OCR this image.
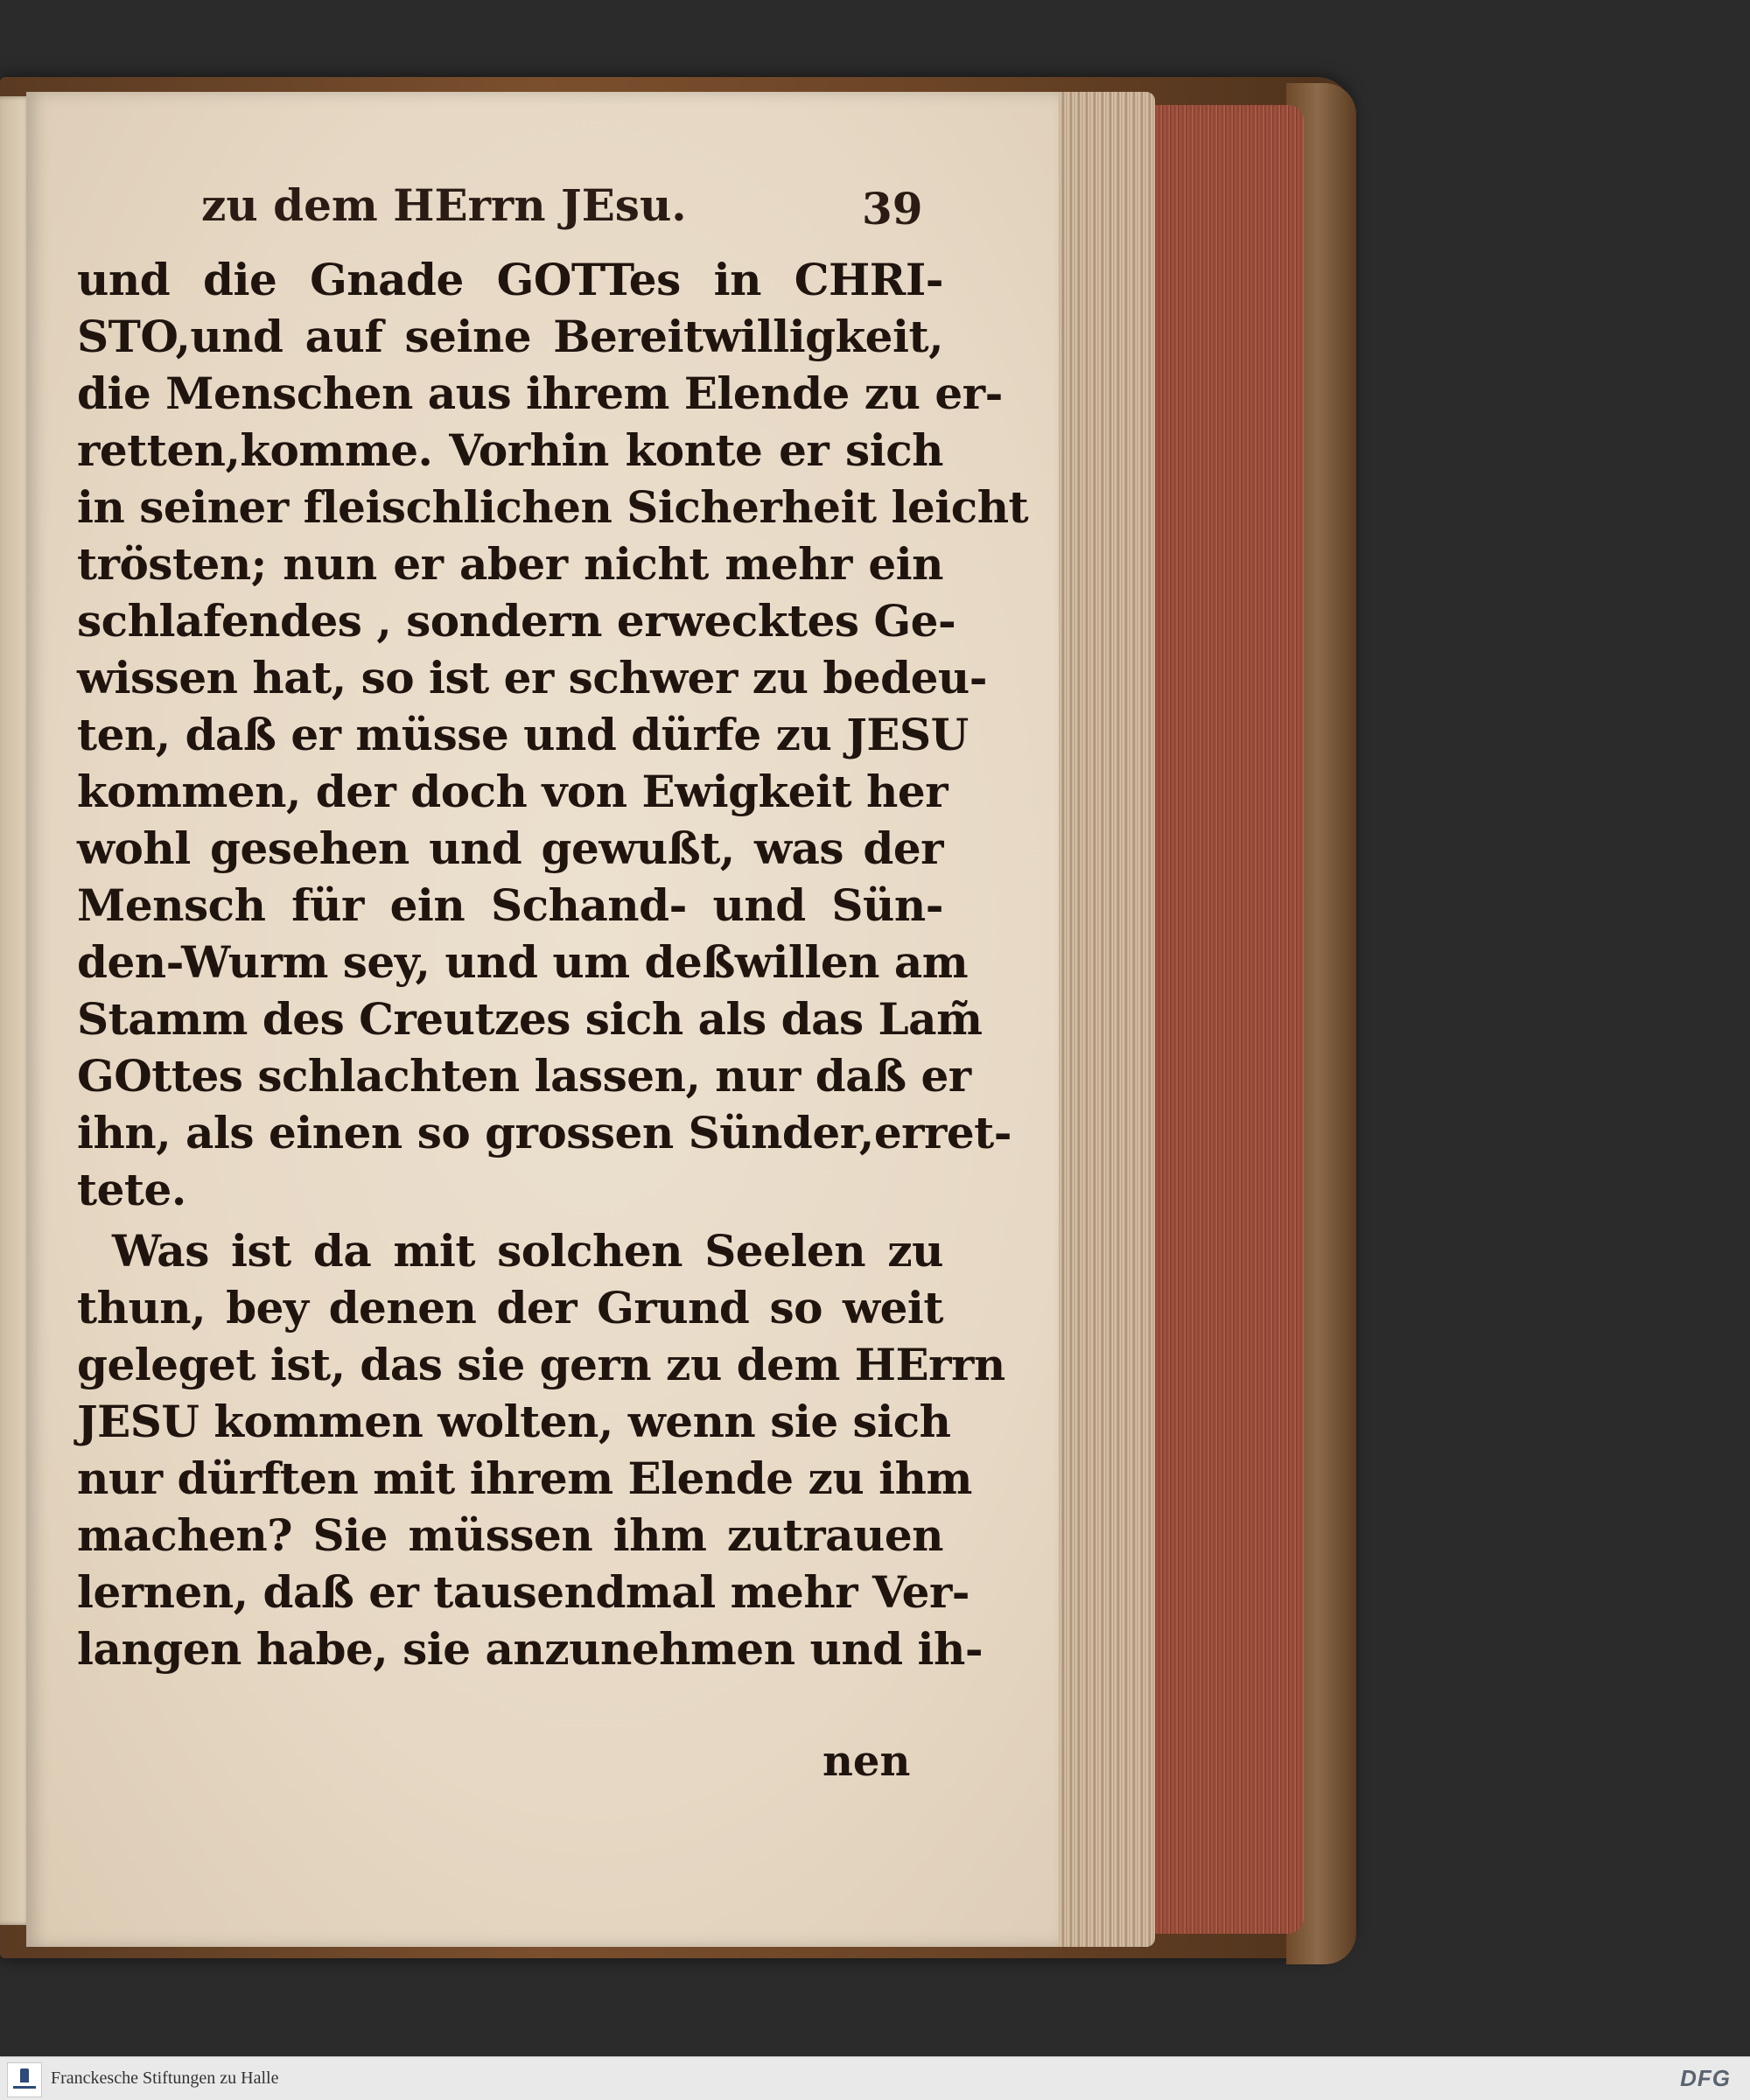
zu dem HErrn JEsu.	39
und die Gnade GOTTes in CHRI-
STO,und auf seine Bereitwilligkeit,
die Menschen aus ihrem Elende zu er-
retten,komme. Vorhin konte er sich
in seiner fleischlichen Sicherheit leicht
trösten; nun er aber nicht mehr ein
schlafendes , sondern erwecktes Ge-
wissen hat, so ist er schwer zu bedeu-
ten, daß er müsse und dürfe zu JESU
kommen, der doch von Ewigkeit her
wohl gesehen und gewußt, was der
Mensch für ein Schand- und Sün-
den-Wurm sey, und um deßwillen am
Stamm des Creutzes sich als das Lam̃
GOttes schlachten lassen, nur daß er
ihn, als einen so grossen Sünder,erret-
tete.
Was ist da mit solchen Seelen zu
thun, bey denen der Grund so weit
geleget ist, das sie gern zu dem HErrn
JESU kommen wolten, wenn sie sich
nur dürften mit ihrem Elende zu ihm
machen? Sie müssen ihm zutrauen
lernen, daß er tausendmal mehr Ver-
langen habe, sie anzunehmen und ih-
nen
Franckesche Stiftungen zu Halle	DFG
